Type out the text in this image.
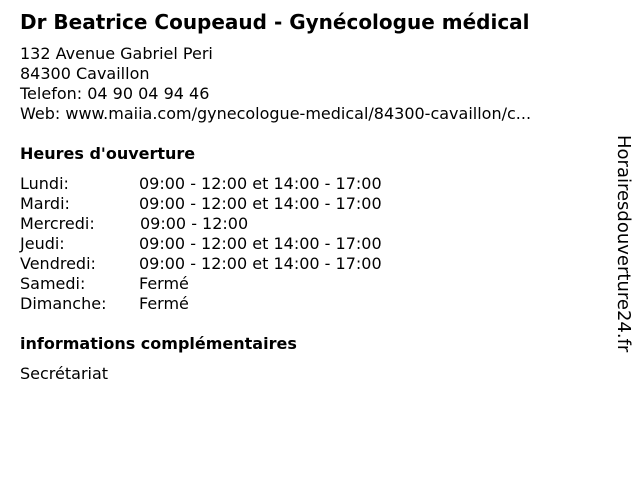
Dr Beatrice Coupeaud - Gynécologue médical
132 Avenue Gabriel Peri
84300 Cavaillon
Telefon: 04 90 04 94 46
Web: www.maiia.com/gynecologue-medical/84300-cavaillon/c...
Heures d'ouverture
Lundi:	09:00 - 12:00 et 14:00 - 17:00
Mardi:	09:00 - 12:00 et 14:00 - 17:00
Mercredi:	09:00 - 12:00
Jeudi:	09:00 - 12:00 et 14:00 - 17:00
Vendredi:	09:00 - 12:00 et 14:00 - 17:00
Samedi:	Fermé
Dimanche: Fermé
informations complémentaires
Secrétariat
Horairesdouverture24.fr
